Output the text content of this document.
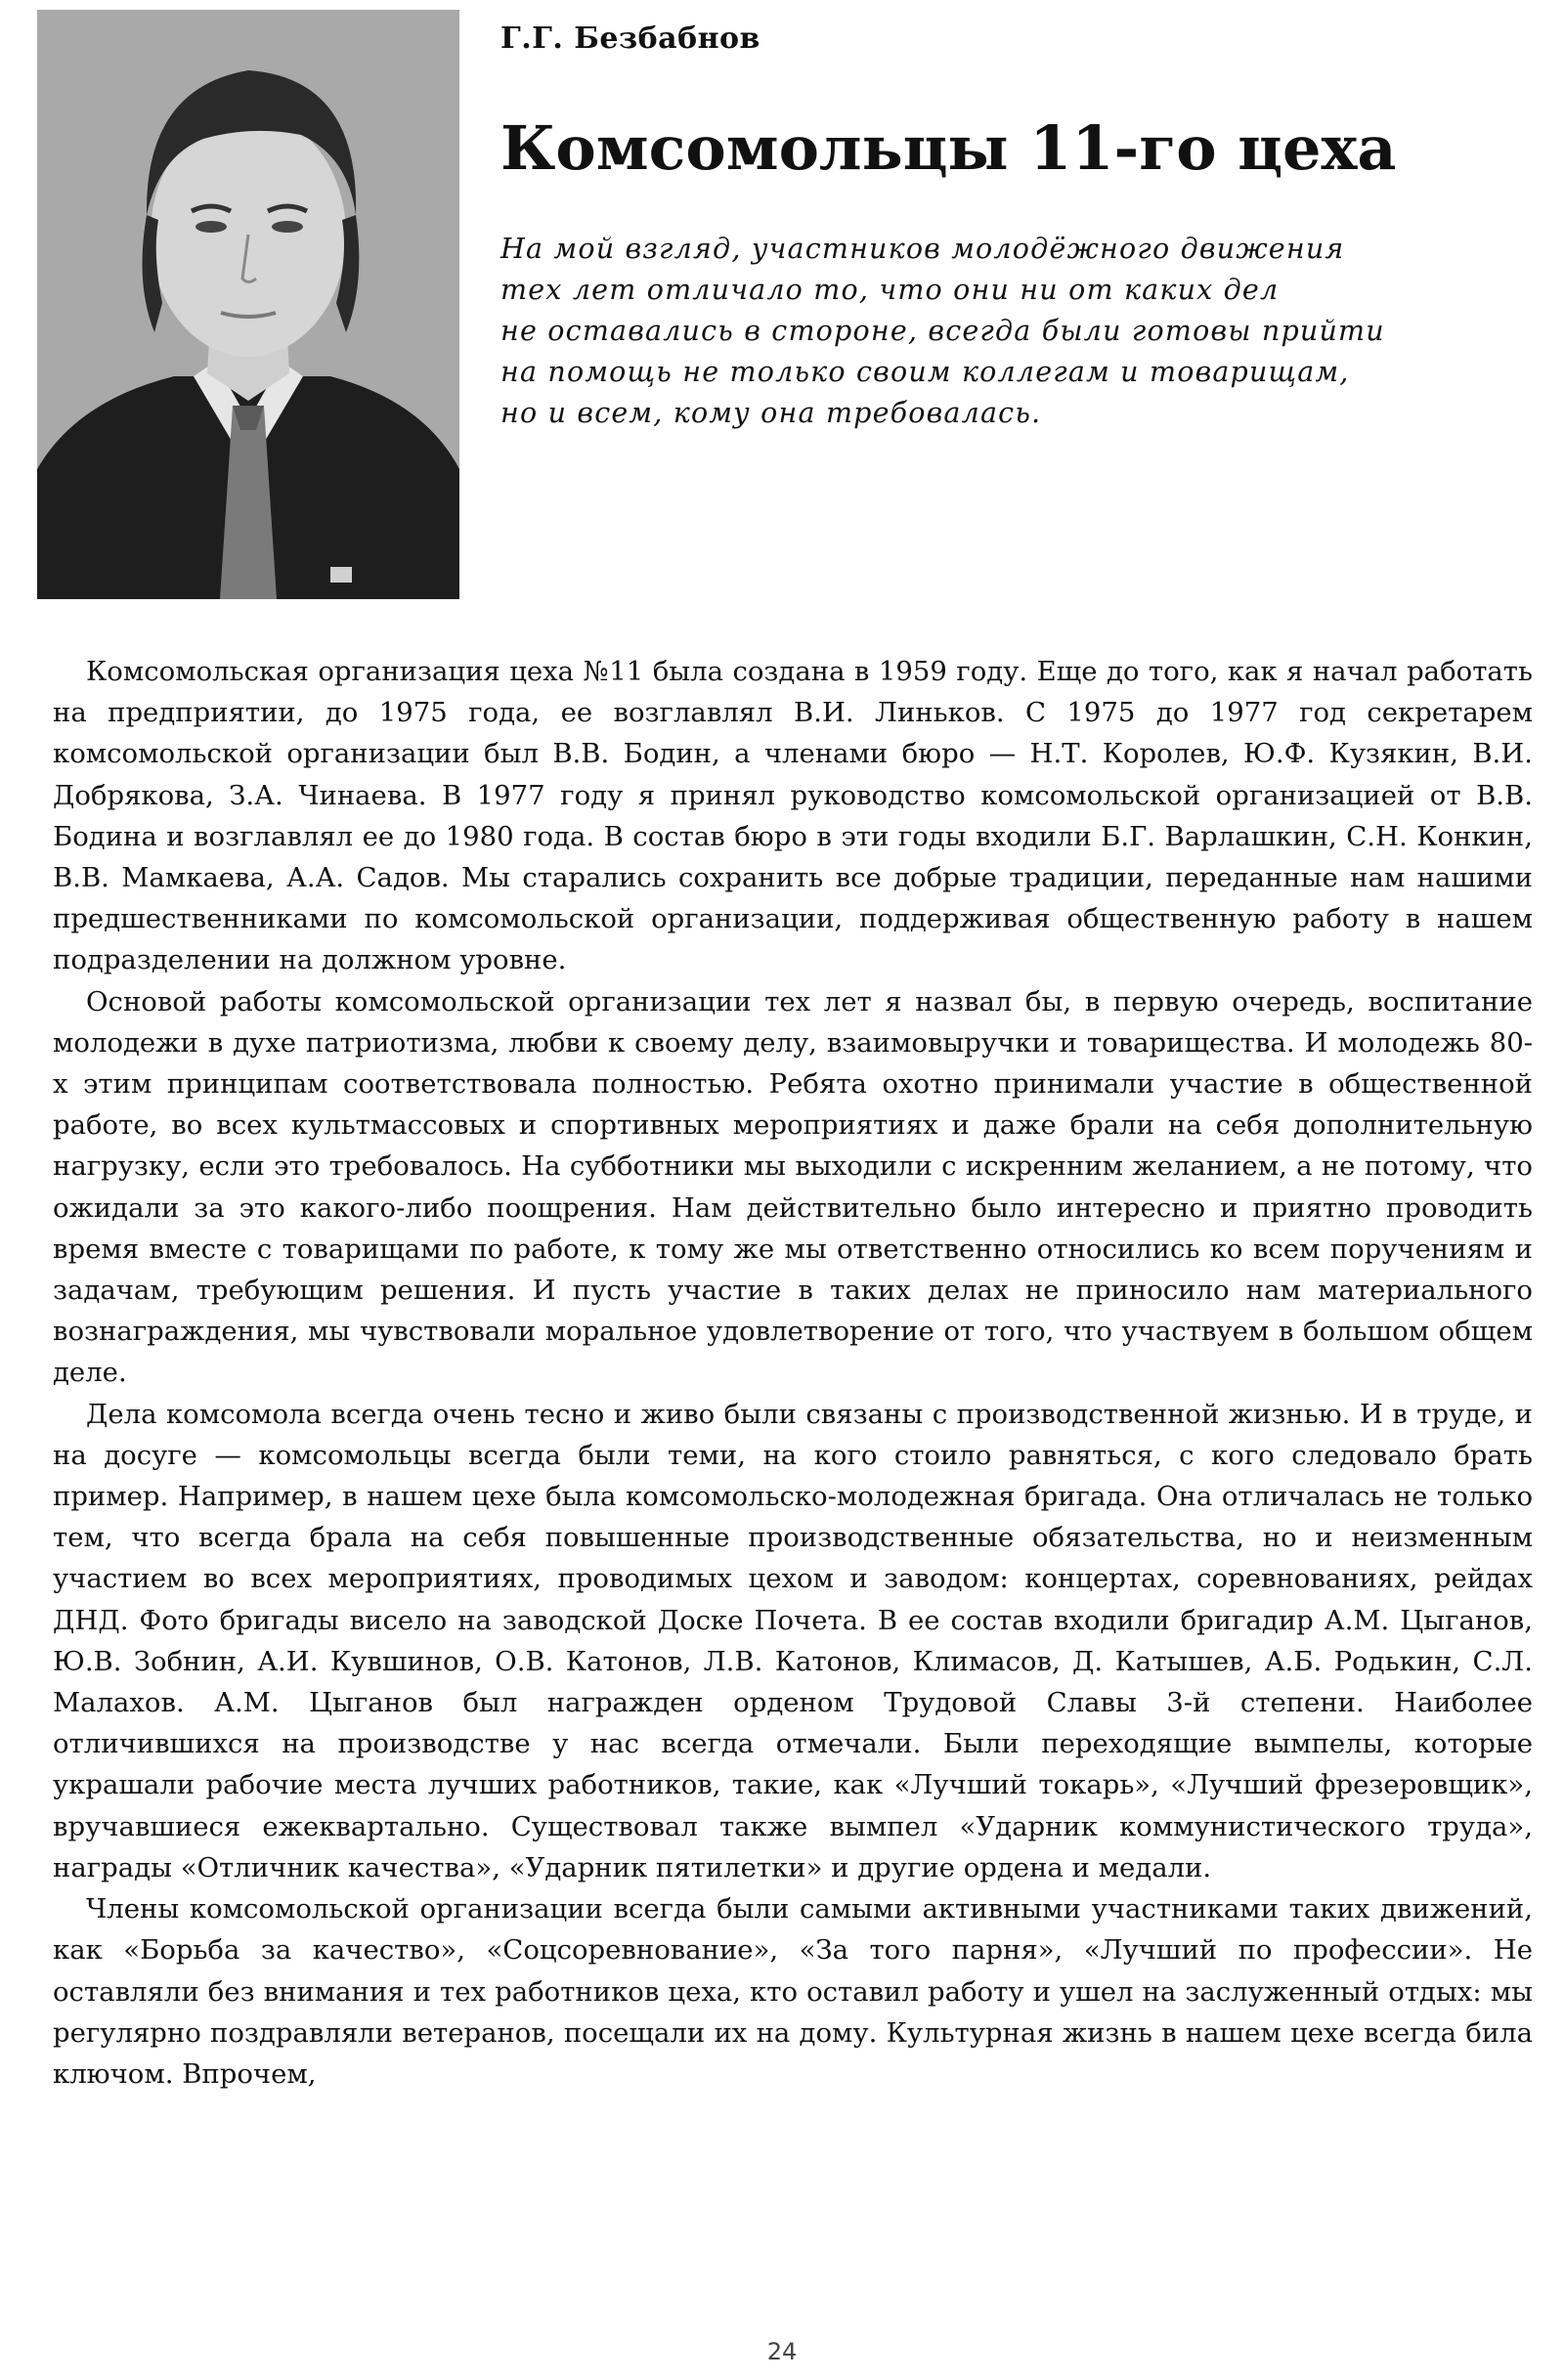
Г.Г. Безбабнов
Комсомольцы 11-го цеха
На мой взгляд, участников молодёжного движения
тех лет отличало то, что они ни от каких дел
не оставались в стороне, всегда были готовы прийти
на помощь не только своим коллегам и товарищам,
но и всем, кому она требовалась.

Комсомольская организация цеха №11 была создана в 1959 году. Еще до того, как я начал работать на предприятии, до 1975 года, ее возглавлял В.И. Линьков. С 1975 до 1977 год секретарем комсомольской организации был В.В. Бодин, а членами бюро — Н.Т. Королев, Ю.Ф. Кузякин, В.И. Добрякова, З.А. Чинаева. В 1977 году я принял руководство комсомольской организацией от В.В. Бодина и возглавлял ее до 1980 года. В состав бюро в эти годы входили Б.Г. Варлашкин, С.Н. Конкин, В.В. Мамкаева, А.А. Садов. Мы старались сохранить все добрые традиции, переданные нам нашими предшественниками по комсомольской организации, поддерживая общественную работу в нашем подразделении на должном уровне.

Основой работы комсомольской организации тех лет я назвал бы, в первую очередь, воспитание молодежи в духе патриотизма, любви к своему делу, взаимовыручки и товарищества. И молодежь 80-х этим принципам соответствовала полностью. Ребята охотно принимали участие в общественной работе, во всех культмассовых и спортивных мероприятиях и даже брали на себя дополнительную нагрузку, если это требовалось. На субботники мы выходили с искренним желанием, а не потому, что ожидали за это какого-либо поощрения. Нам действительно было интересно и приятно проводить время вместе с товарищами по работе, к тому же мы ответственно относились ко всем поручениям и задачам, требующим решения. И пусть участие в таких делах не приносило нам материального вознаграждения, мы чувствовали моральное удовлетворение от того, что участвуем в большом общем деле.

Дела комсомола всегда очень тесно и живо были связаны с производственной жизнью. И в труде, и на досуге — комсомольцы всегда были теми, на кого стоило равняться, с кого следовало брать пример. Например, в нашем цехе была комсомольско-молодежная бригада. Она отличалась не только тем, что всегда брала на себя повышенные производственные обязательства, но и неизменным участием во всех мероприятиях, проводимых цехом и заводом: концертах, соревнованиях, рейдах ДНД. Фото бригады висело на заводской Доске Почета. В ее состав входили бригадир А.М. Цыганов, Ю.В. Зобнин, А.И. Кувшинов, О.В. Катонов, Л.В. Катонов, Климасов, Д. Катышев, А.Б. Родькин, С.Л. Малахов. А.М. Цыганов был награжден орденом Трудовой Славы 3-й степени. Наиболее отличившихся на производстве у нас всегда отмечали. Были переходящие вымпелы, которые украшали рабочие места лучших работников, такие, как «Лучший токарь», «Лучший фрезеровщик», вручавшиеся ежеквартально. Существовал также вымпел «Ударник коммунистического труда», награды «Отличник качества», «Ударник пятилетки» и другие ордена и медали.

Члены комсомольской организации всегда были самыми активными участниками таких движений, как «Борьба за качество», «Соцсоревнование», «За того парня», «Лучший по профессии». Не оставляли без внимания и тех работников цеха, кто оставил работу и ушел на заслуженный отдых: мы регулярно поздравляли ветеранов, посещали их на дому. Культурная жизнь в нашем цехе всегда била ключом. Впрочем,

24
